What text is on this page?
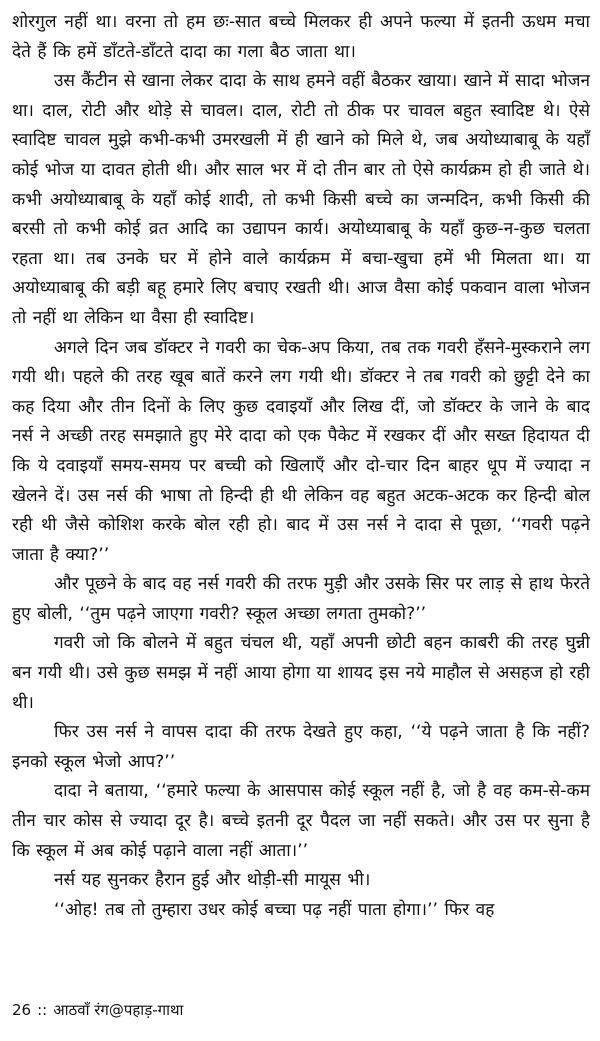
शोरगुल नहीं था। वरना तो हम छः-सात बच्चे मिलकर ही अपने फल्या में इतनी ऊधम मचा देते हैं कि हमें डाँटते-डाँटते दादा का गला बैठ जाता था।

उस कैंटीन से खाना लेकर दादा के साथ हमने वहीं बैठकर खाया। खाने में सादा भोजन था। दाल, रोटी और थोड़े से चावल। दाल, रोटी तो ठीक पर चावल बहुत स्वादिष्ट थे। ऐसे स्वादिष्ट चावल मुझे कभी-कभी उमरखली में ही खाने को मिले थे, जब अयोध्याबाबू के यहाँ कोई भोज या दावत होती थी। और साल भर में दो तीन बार तो ऐसे कार्यक्रम हो ही जाते थे। कभी अयोध्याबाबू के यहाँ कोई शादी, तो कभी किसी बच्चे का जन्मदिन, कभी किसी की बरसी तो कभी कोई व्रत आदि का उद्यापन कार्य। अयोध्याबाबू के यहाँ कुछ-न-कुछ चलता रहता था। तब उनके घर में होने वाले कार्यक्रम में बचा-खुचा हमें भी मिलता था। या अयोध्याबाबू की बड़ी बहू हमारे लिए बचाए रखती थी। आज वैसा कोई पकवान वाला भोजन तो नहीं था लेकिन था वैसा ही स्वादिष्ट।

अगले दिन जब डॉक्टर ने गवरी का चेक-अप किया, तब तक गवरी हँसने-मुस्कराने लग गयी थी। पहले की तरह खूब बातें करने लग गयी थी। डॉक्टर ने तब गवरी को छुट्टी देने का कह दिया और तीन दिनों के लिए कुछ दवाइयाँ और लिख दीं, जो डॉक्टर के जाने के बाद नर्स ने अच्छी तरह समझाते हुए मेरे दादा को एक पैकेट में रखकर दीं और सख्त हिदायत दी कि ये दवाइयाँ समय-समय पर बच्ची को खिलाएँ और दो-चार दिन बाहर धूप में ज्यादा न खेलने दें। उस नर्स की भाषा तो हिन्दी ही थी लेकिन वह बहुत अटक-अटक कर हिन्दी बोल रही थी जैसे कोशिश करके बोल रही हो। बाद में उस नर्स ने दादा से पूछा, ‘‘गवरी पढ़ने जाता है क्या?’’

और पूछने के बाद वह नर्स गवरी की तरफ मुड़ी और उसके सिर पर लाड़ से हाथ फेरते हुए बोली, ‘‘तुम पढ़ने जाएगा गवरी? स्कूल अच्छा लगता तुमको?’’

गवरी जो कि बोलने में बहुत चंचल थी, यहाँ अपनी छोटी बहन काबरी की तरह घुन्नी बन गयी थी। उसे कुछ समझ में नहीं आया होगा या शायद इस नये माहौल से असहज हो रही थी।

फिर उस नर्स ने वापस दादा की तरफ देखते हुए कहा, ‘‘ये पढ़ने जाता है कि नहीं? इनको स्कूल भेजो आप?’’

दादा ने बताया, ‘‘हमारे फल्या के आसपास कोई स्कूल नहीं है, जो है वह कम-से-कम तीन चार कोस से ज्यादा दूर है। बच्चे इतनी दूर पैदल जा नहीं सकते। और उस पर सुना है कि स्कूल में अब कोई पढ़ाने वाला नहीं आता।’’

नर्स यह सुनकर हैरान हुई और थोड़ी-सी मायूस भी।

‘‘ओह! तब तो तुम्हारा उधर कोई बच्चा पढ़ नहीं पाता होगा।’’ फिर वह

26 :: आठवाँ रंग@पहाड़-गाथा
